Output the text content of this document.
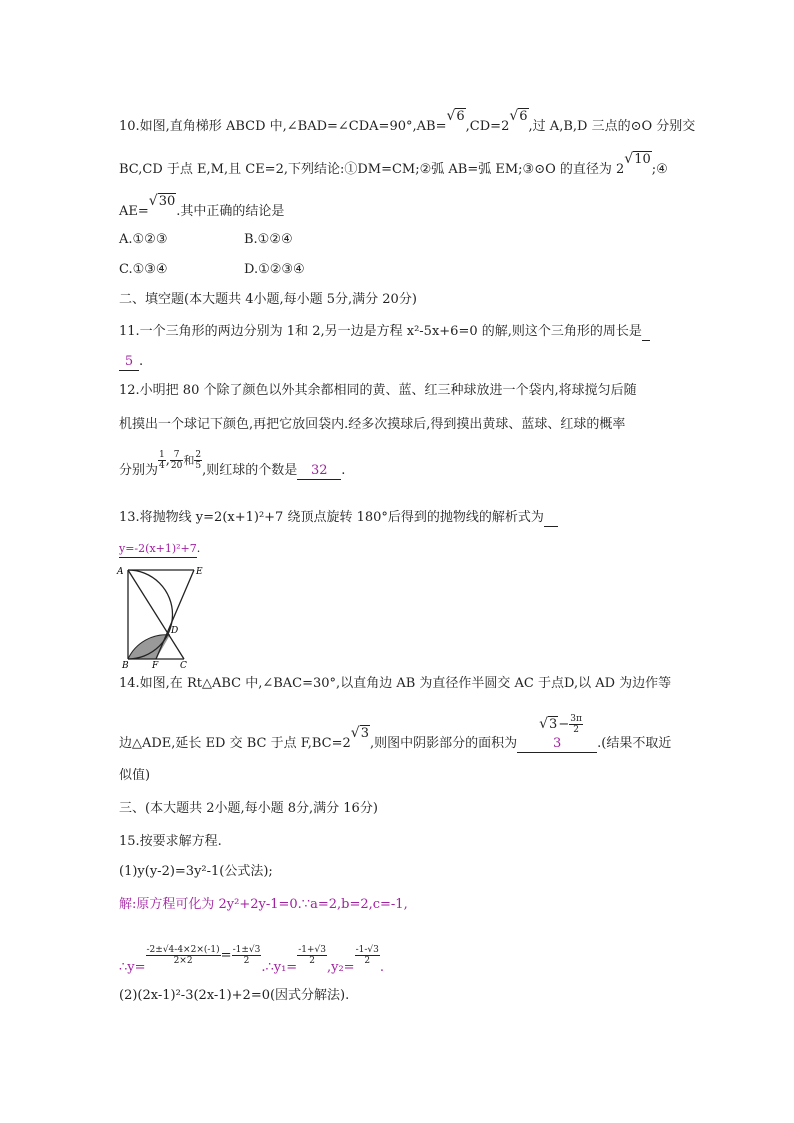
10.如图,直角梯形 ABCD 中,∠BAD=∠CDA=90°,AB=√6,CD=2√6,过 A,B,D 三点的⊙O 分别交
BC,CD 于点 E,M,且 CE=2,下列结论:①DM=CM;②弧 AB=弧 EM;③⊙O 的直径为 2√10;④
AE=√30.其中正确的结论是
A.①②③	B.①②④
C.①③④	D.①②③④
二、填空题(本大题共 4小题,每小题 5分,满分 20分)
11.一个三角形的两边分别为 1和 2,另一边是方程 x²-5x+6=0 的解,则这个三角形的周长是
5 .
12.小明把 80 个除了颜色以外其余都相同的黄、蓝、红三种球放进一个袋内,将球搅匀后随
机摸出一个球记下颜色,再把它放回袋内.经多次摸球后,得到摸出黄球、蓝球、红球的概率
分别为 $\frac{1}{4}$ , $\frac{7}{20} ^和 \frac{2}{5}$ ,则红球的个数是 32 .
13.将抛物线 y=2(x+1)²+7 绕顶点旋转 180°后得到的抛物线的解析式为
y=-2(x+1)²+7.
A	E
D
B	F C
14.如图,在 Rt△ABC 中,∠BAC=30°,以直角边 AB 为直径作半圆交 AC 于点D,以 AD 为边作等
边△ADE,延长 ED 交 BC 于点 F,BC=2√3,则图中阴影部分的面积为	3
$√3- \frac{3\pi}{2}$
.(结果不取近
似值)
三、(本大题共 2小题,每小题 8分,满分 16分)
15.按要求解方程.
(1)y(y-2)=3y²-1(公式法);
解:原方程可化为 2y²+2y-1=0.∵a=2,b=2,c=-1,
∴y=
$\frac{-2\pm√4-4\times 2\times(-1)}{2\times 2} = \frac{-1\pm√3}{2}$
.∴y₁=
$\frac{-1+√3}{2}$
,y₂=
$\frac{-1-√3}{2}$
.
(2)(2x-1)²-3(2x-1)+2=0(因式分解法).
